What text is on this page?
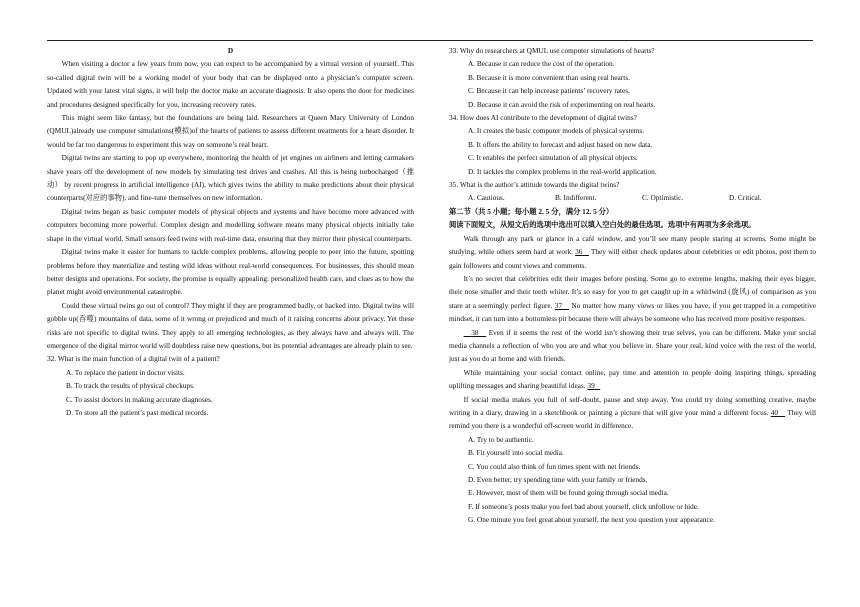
D

When visiting a doctor a few years from now, you can expect to be accompanied by a virtual version of yourself. This so-called digital twin will be a working model of your body that can be displayed onto a physician’s computer screen. Updated with your latest vital signs, it will help the doctor make an accurate diagnosis. It also opens the door for medicines and procedures designed specifically for you, increasing recovery rates.

This might seem like fantasy, but the foundations are being laid. Researchers at Queen Mary University of London (QMUL)already use computer simulations(模拟)of the hearts of patients to assess different treatments for a heart disorder. It would be far too dangerous to experiment this way on someone’s real heart.

Digital twins are starting to pop up everywhere, monitoring the health of jet engines on airliners and letting carmakers shave years off the development of new models by simulating test drives and crashes. All this is being turbocharged（推动） by recent progress in artificial intelligence (AI), which gives twins the ability to make predictions about their physical counterparts(对应的事物), and fine-tune themselves on new information.

Digital twins began as basic computer models of physical objects and systems and have become more advanced with computers becoming more powerful. Complex design and modelling software means many physical objects initially take shape in the virtual world. Small sensors feed twins with real-time data, ensuring that they mirror their physical counterparts.

Digital twins make it easier for humans to tackle complex problems, allowing people to peer into the future, spotting problems before they materialize and testing wild ideas without real-world consequences. For businesses, this should mean better designs and operations. For society, the promise is equally appealing: personalized health care, and clues as to how the planet might avoid environmental catastrophe.

Could these virtual twins go out of control? They might if they are programmed badly, or hacked into. Digital twins will gobble up(吞噬) mountains of data, some of it wrong or prejudiced and much of it raising concerns about privacy. Yet these risks are not specific to digital twins. They apply to all emerging technologies, as they always have and always will. The emergence of the digital mirror world will doubtless raise new questions, but its potential advantages are already plain to see.

32. What is the main function of a digital twin of a patient?
A. To replace the patient in doctor visits.
B. To track the results of physical checkups.
C. To assist doctors in making accurate diagnoses.
D. To store all the patient’s past medical records.
33. Why do researchers at QMUL use computer simulations of hearts?
A. Because it can reduce the cost of the operation.
B. Because it is more convenient than using real hearts.
C. Because it can help increase patients’ recovery rates.
D. Because it can avoid the risk of experimenting on real hearts.
34. How does AI contribute to the development of digital twins?
A. It creates the basic computer models of physical systems.
B. It offers the ability to forecast and adjust based on new data.
C. It enables the perfect simulation of all physical objects.
D. It tackles the complex problems in the real-world application.
35. What is the author’s attitude towards the digital twins?
A. Cautious.	B. Indifferent.	C. Optimistic.	D. Critical.
第二节（共 5 小题；每小题 2. 5 分，满分 12. 5 分）
阅读下面短文，从短文后的选项中选出可以填入空白处的最佳选项。选项中有两项为多余选项。

Walk through any park or glance in a café window, and you’ll see many people staring at screens. Some might be studying, while others seem hard at work. 36 They will either check updates about celebrities or edit photos, post them to gain followers and count views and comments.

It’s no secret that celebrities edit their images before posting. Some go to extreme lengths, making their eyes bigger, their nose smaller and their teeth whiter. It’s so easy for you to get caught up in a whirlwind (旋风) of comparison as you stare at a seemingly perfect figure. 37 No matter how many views or likes you have, if you get trapped in a competitive mindset, it can turn into a bottomless pit because there will always be someone who has received more positive responses.

38 Even if it seems the rest of the world isn’t showing their true selves, you can be different. Make your social media channels a reflection of who you are and what you believe in. Share your real, kind voice with the rest of the world, just as you do at home and with friends.

While maintaining your social contact online, pay time and attention to people doing inspiring things, spreading uplifting messages and sharing beautiful ideas. 39

If social media makes you full of self-doubt, pause and step away. You could try doing something creative, maybe writing in a diary, drawing in a sketchbook or painting a picture that will give your mind a different focus. 40 They will remind you there is a wonderful off-screen world in difference.

A. Try to be authentic.
B. Fit yourself into social media.
C. You could also think of fun times spent with net friends.
D. Even better, try spending time with your family or friends.
E. However, most of them will be found going through social media.
F. If someone’s posts make you feel bad about yourself, click unfollow or hide.
G. One minute you feel great about yourself, the next you question your appearance.
